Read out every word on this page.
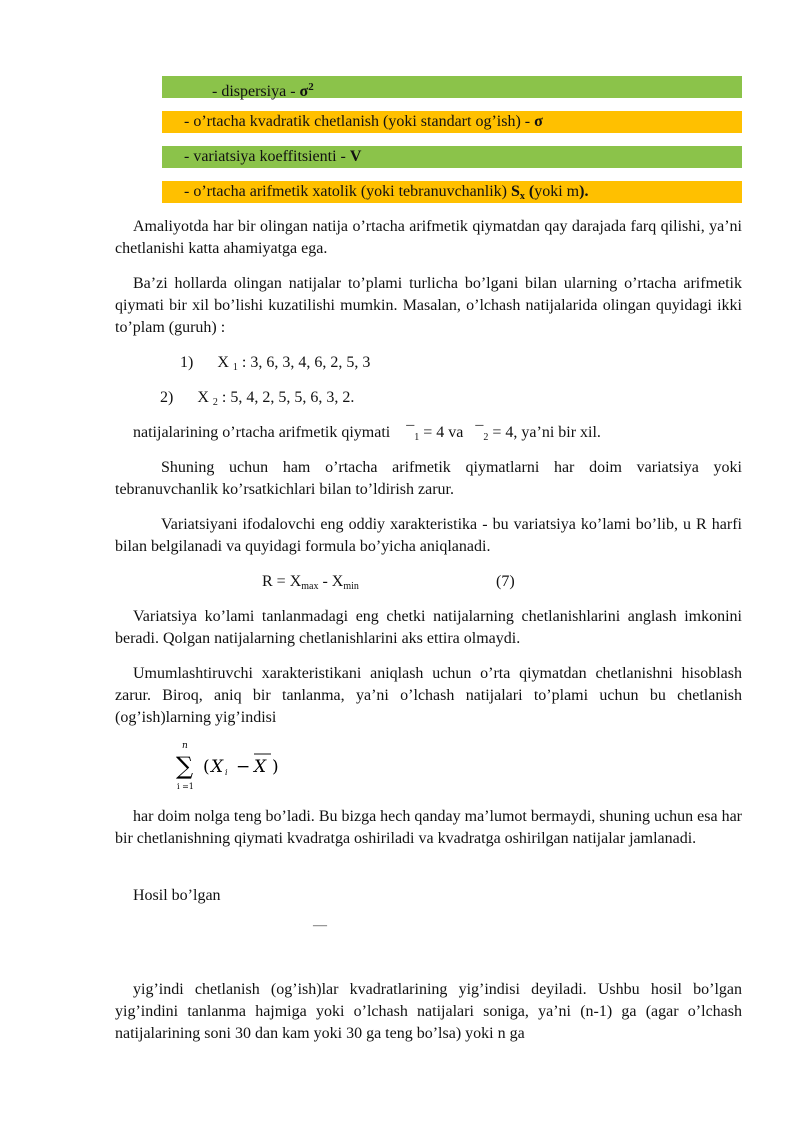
- dispersiya - $\sigma^2$
- o’rtacha kvadratik chetlanish (yoki standart og’ish) - σ
- variatsiya koeffitsienti - V
- o’rtacha arifmetik xatolik (yoki tebranuvchanlik) $S_x$ (yoki m).
Amaliyotda har bir olingan natija o’rtacha arifmetik qiymatdan qay darajada farq qilishi, ya’ni chetlanishi katta ahamiyatga ega.
Ba’zi hollarda olingan natijalar to’plami turlicha bo’lgani bilan ularning o’rtacha arifmetik qiymati bir xil bo’lishi kuzatilishi mumkin. Masalan, o’lchash natijalarida olingan quyidagi ikki to’plam (guruh) :
1) X $_1$ : 3, 6, 3, 4, 6, 2, 5, 3
2) X $_2$ : 5, 4, 2, 5, 5, 6, 3, 2.
natijalarining o’rtacha arifmetik qiymati    $¯_1 = 4$ va   $¯_2 = 4$, ya’ni bir xil.
Shuning uchun ham o’rtacha arifmetik qiymatlarni har doim variatsiya yoki tebranuvchanlik ko’rsatkichlari bilan to’ldirish zarur.
Variatsiyani ifodalovchi eng oddiy xarakteristika - bu variatsiya ko’lami bo’lib, u R harfi bilan belgilanadi va quyidagi formula bo’yicha aniqlanadi.
$R = X_{max} - X_{min}$	(7)
Variatsiya ko’lami tanlanmadagi eng chetki natijalarning chetlanishlarini anglash imkonini beradi. Qolgan natijalarning chetlanishlarini aks ettira olmaydi.
Umumlashtiruvchi xarakteristikani aniqlash uchun o’rta qiymatdan chetlanishni hisoblash zarur. Biroq, aniq bir tanlanma, ya’ni o’lchash natijalari to’plami uchun bu chetlanish (og’ish)larning yig’indisi
n
∑
i =1
( X i − X )
har doim nolga teng bo’ladi. Bu bizga hech qanday ma’lumot bermaydi, shuning uchun esa har bir chetlanishning qiymati kvadratga oshiriladi va kvadratga oshirilgan natijalar jamlanadi.
Hosil bo’lgan
—
yig’indi chetlanish (og’ish)lar kvadratlarining yig’indisi deyiladi. Ushbu hosil bo’lgan yig’indini tanlanma hajmiga yoki o’lchash natijalari soniga, ya’ni (n-1) ga (agar o’lchash natijalarining soni 30 dan kam yoki 30 ga teng bo’lsa) yoki n ga
